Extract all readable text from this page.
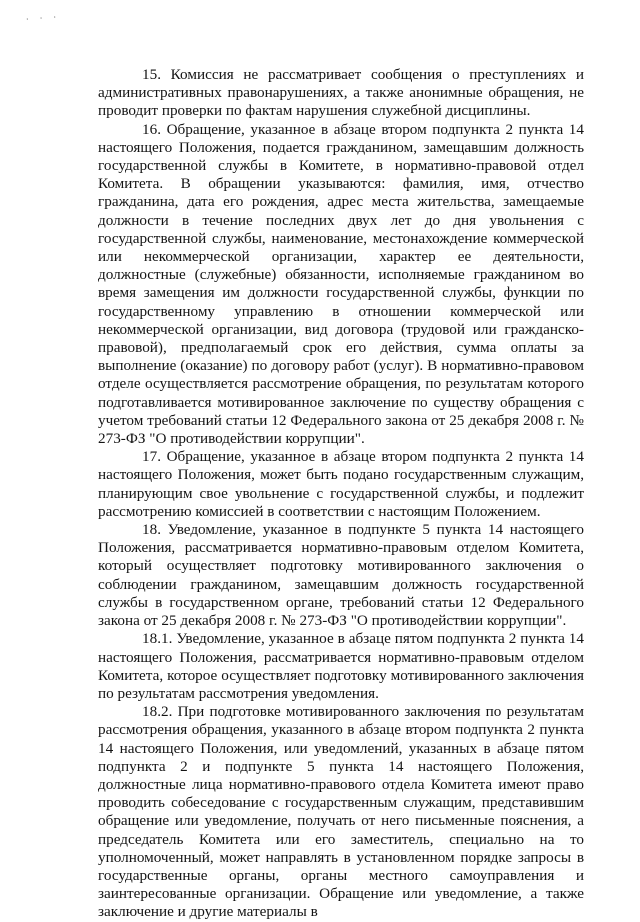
· · ·

15. Комиссия не рассматривает сообщения о преступлениях и административных правонарушениях, а также анонимные обращения, не проводит проверки по фактам нарушения служебной дисциплины.

16. Обращение, указанное в абзаце втором подпункта 2 пункта 14 настоящего Положения, подается гражданином, замещавшим должность государственной службы в Комитете, в нормативно-правовой отдел Комитета. В обращении указываются: фамилия, имя, отчество гражданина, дата его рождения, адрес места жительства, замещаемые должности в течение последних двух лет до дня увольнения с государственной службы, наименование, местонахождение коммерческой или некоммерческой организации, характер ее деятельности, должностные (служебные) обязанности, исполняемые гражданином во время замещения им должности государственной службы, функции по государственному управлению в отношении коммерческой или некоммерческой организации, вид договора (трудовой или гражданско-правовой), предполагаемый срок его действия, сумма оплаты за выполнение (оказание) по договору работ (услуг). В нормативно-правовом отделе осуществляется рассмотрение обращения, по результатам которого подготавливается мотивированное заключение по существу обращения с учетом требований статьи 12 Федерального закона от 25 декабря 2008 г. № 273-ФЗ "О противодействии коррупции".

17. Обращение, указанное в абзаце втором подпункта 2 пункта 14 настоящего Положения, может быть подано государственным служащим, планирующим свое увольнение с государственной службы, и подлежит рассмотрению комиссией в соответствии с настоящим Положением.

18. Уведомление, указанное в подпункте 5 пункта 14 настоящего Положения, рассматривается нормативно-правовым отделом Комитета, который осуществляет подготовку мотивированного заключения о соблюдении гражданином, замещавшим должность государственной службы в государственном органе, требований статьи 12 Федерального закона от 25 декабря 2008 г. № 273-ФЗ "О противодействии коррупции".

18.1. Уведомление, указанное в абзаце пятом подпункта 2 пункта 14 настоящего Положения, рассматривается нормативно-правовым отделом Комитета, которое осуществляет подготовку мотивированного заключения по результатам рассмотрения уведомления.

18.2. При подготовке мотивированного заключения по результатам рассмотрения обращения, указанного в абзаце втором подпункта 2 пункта 14 настоящего Положения, или уведомлений, указанных в абзаце пятом подпункта 2 и подпункте 5 пункта 14 настоящего Положения, должностные лица нормативно-правового отдела Комитета имеют право проводить собеседование с государственным служащим, представившим обращение или уведомление, получать от него письменные пояснения, а председатель Комитета или его заместитель, специально на то уполномоченный, может направлять в установленном порядке запросы в государственные органы, органы местного самоуправления и заинтересованные организации. Обращение или уведомление, а также заключение и другие материалы в
